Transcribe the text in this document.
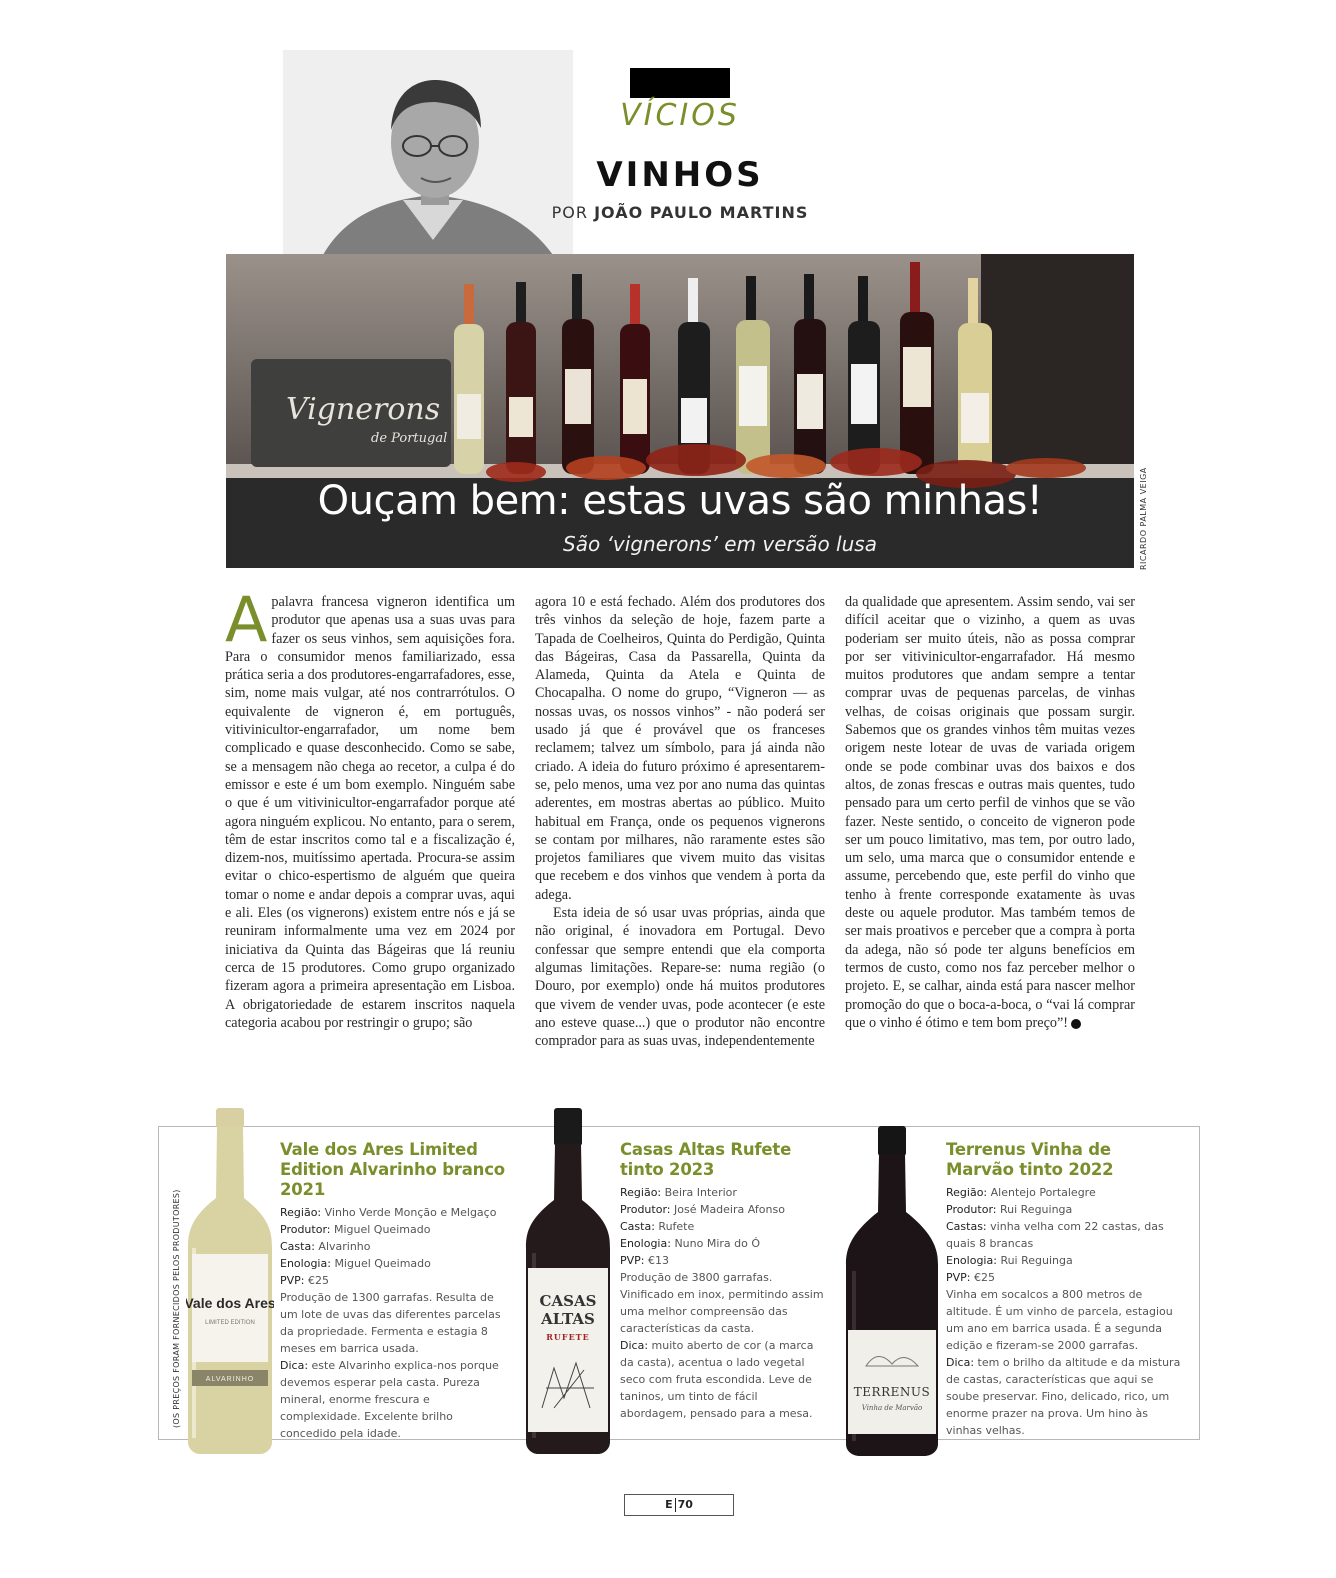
VÍCIOS
VINHOS
POR JOÃO PAULO MARTINS
Vignerons
de Portugal
Ouçam bem: estas uvas são minhas!
São ‘vignerons’ em versão lusa	RICARDO PALMA VEIGA
A palavra francesa vigneron identifica um produtor que apenas usa a suas uvas para fazer os seus vinhos, sem aquisições fora. Para o consumidor menos familiarizado, essa prática seria a dos produtores-engarrafadores, esse, sim, nome mais vulgar, até nos contrarrótulos. O equivalente de vigneron é, em português, vitivinicultor-engarrafador, um nome bem complicado e quase desconhecido. Como se sabe, se a mensagem não chega ao recetor, a culpa é do emissor e este é um bom exemplo. Ninguém sabe o que é um vitivinicultor-engarrafador porque até agora ninguém explicou. No entanto, para o serem, têm de estar inscritos como tal e a fiscalização é, dizem-nos, muitíssimo apertada. Procura-se assim evitar o chico-espertismo de alguém que queira tomar o nome e andar depois a comprar uvas, aqui e ali. Eles (os vignerons) existem entre nós e já se reuniram informalmente uma vez em 2024 por iniciativa da Quinta das Bágeiras que lá reuniu cerca de 15 produtores. Como grupo organizado fizeram agora a primeira apresentação em Lisboa. A obrigatoriedade de estarem inscritos naquela categoria acabou por restringir o grupo; são

agora 10 e está fechado. Além dos produtores dos três vinhos da seleção de hoje, fazem parte a Tapada de Coelheiros, Quinta do Perdigão, Quinta das Bágeiras, Casa da Passarella, Quinta da Alameda, Quinta da Atela e Quinta de Chocapalha. O nome do grupo, “Vigneron — as nossas uvas, os nossos vinhos” - não poderá ser usado já que é provável que os franceses reclamem; talvez um símbolo, para já ainda não criado. A ideia do futuro próximo é apresentarem-se, pelo menos, uma vez por ano numa das quintas aderentes, em mostras abertas ao público. Muito habitual em França, onde os pequenos vignerons se contam por milhares, não raramente estes são projetos familiares que vivem muito das visitas que recebem e dos vinhos que vendem à porta da adega.

Esta ideia de só usar uvas próprias, ainda que não original, é inovadora em Portugal. Devo confessar que sempre entendi que ela comporta algumas limitações. Repare-se: numa região (o Douro, por exemplo) onde há muitos produtores que vivem de vender uvas, pode acontecer (e este ano esteve quase...) que o produtor não encontre comprador para as suas uvas, independentemente

da qualidade que apresentem. Assim sendo, vai ser difícil aceitar que o vizinho, a quem as uvas poderiam ser muito úteis, não as possa comprar por ser vitivinicultor-engarrafador. Há mesmo muitos produtores que andam sempre a tentar comprar uvas de pequenas parcelas, de vinhas velhas, de coisas originais que possam surgir. Sabemos que os grandes vinhos têm muitas vezes origem neste lotear de uvas de variada origem onde se pode combinar uvas dos baixos e dos altos, de zonas frescas e outras mais quentes, tudo pensado para um certo perfil de vinhos que se vão fazer. Neste sentido, o conceito de vigneron pode ser um pouco limitativo, mas tem, por outro lado, um selo, uma marca que o consumidor entende e assume, percebendo que, este perfil do vinho que tenho à frente corresponde exatamente às uvas deste ou aquele produtor. Mas também temos de ser mais proativos e perceber que a compra à porta da adega, não só pode ter alguns benefícios em termos de custo, como nos faz perceber melhor o projeto. E, se calhar, ainda está para nascer melhor promoção do que o boca-a-boca, o “vai lá comprar que o vinho é ótimo e tem bom preço”!

(OS PREÇOS FORAM FORNECIDOS PELOS PRODUTORES) Vale dos Ares
LIMITED EDITION
ALVARINHO
Vale dos Ares Limited Edition Alvarinho branco 2021
Região: Vinho Verde Monção e Melgaço
Produtor: Miguel Queimado
Casta: Alvarinho
Enologia: Miguel Queimado
PVP: €25

Produção de 1300 garrafas. Resulta de um lote de uvas das diferentes parcelas da propriedade. Fermenta e estagia 8 meses em barrica usada.

Dica: este Alvarinho explica-nos porque devemos esperar pela casta. Pureza mineral, enorme frescura e complexidade. Excelente brilho concedido pela idade.

CASAS
ALTAS
RUFETE
Casas Altas Rufete tinto 2023
Região: Beira Interior
Produtor: José Madeira Afonso
Casta: Rufete
Enologia: Nuno Mira do Ó
PVP: €13

Produção de 3800 garrafas. Vinificado em inox, permitindo assim uma melhor compreensão das características da casta.

Dica: muito aberto de cor (a marca da casta), acentua o lado vegetal seco com fruta escondida. Leve de taninos, um tinto de fácil abordagem, pensado para a mesa.

TERRENUS
Vinha de Marvão
Terrenus Vinha de Marvão tinto 2022
Região: Alentejo Portalegre
Produtor: Rui Reguinga
Castas: vinha velha com 22 castas, das quais 8 brancas
Enologia: Rui Reguinga
PVP: €25

Vinha em socalcos a 800 metros de altitude. É um vinho de parcela, estagiou um ano em barrica usada. É a segunda edição e fizeram-se 2000 garrafas.

Dica: tem o brilho da altitude e da mistura de castas, características que aqui se soube preservar. Fino, delicado, rico, um enorme prazer na prova. Um hino às vinhas velhas.

E 70
